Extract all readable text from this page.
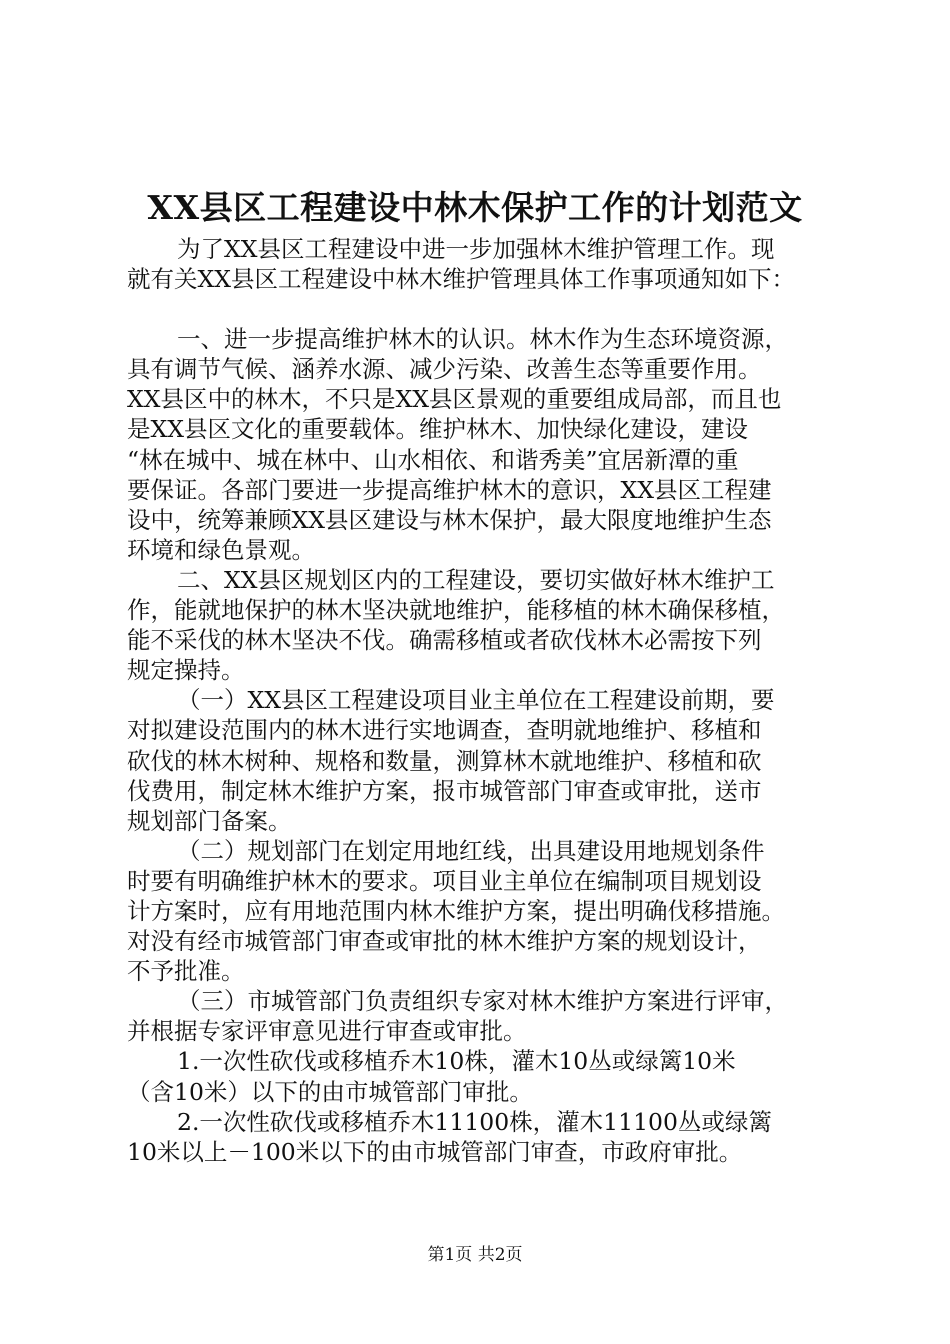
XX县区工程建设中林木保护工作的计划范文
为了XX县区工程建设中进一步加强林木维护管理工作。现
就有关XX县区工程建设中林木维护管理具体工作事项通知如下：
一、进一步提高维护林木的认识。林木作为生态环境资源，
具有调节气候、涵养水源、减少污染、改善生态等重要作用。
XX县区中的林木，不只是XX县区景观的重要组成局部，而且也
是XX县区文化的重要载体。维护林木、加快绿化建设，建设
“林在城中、城在林中、山水相依、和谐秀美”宜居新潭的重
要保证。各部门要进一步提高维护林木的意识，XX县区工程建
设中，统筹兼顾XX县区建设与林木保护，最大限度地维护生态
环境和绿色景观。
二、XX县区规划区内的工程建设，要切实做好林木维护工
作，能就地保护的林木坚决就地维护，能移植的林木确保移植，
能不采伐的林木坚决不伐。确需移植或者砍伐林木必需按下列
规定操持。
（一）XX县区工程建设项目业主单位在工程建设前期，要
对拟建设范围内的林木进行实地调查，查明就地维护、移植和
砍伐的林木树种、规格和数量，测算林木就地维护、移植和砍
伐费用，制定林木维护方案，报市城管部门审查或审批，送市
规划部门备案。
（二）规划部门在划定用地红线，出具建设用地规划条件
时要有明确维护林木的要求。项目业主单位在编制项目规划设
计方案时，应有用地范围内林木维护方案，提出明确伐移措施。
对没有经市城管部门审查或审批的林木维护方案的规划设计，
不予批准。
（三）市城管部门负责组织专家对林木维护方案进行评审，
并根据专家评审意见进行审查或审批。
1.一次性砍伐或移植乔木10株，灌木10丛或绿篱10米
（含10米）以下的由市城管部门审批。
2.一次性砍伐或移植乔木11100株，灌木11100丛或绿篱
10米以上－100米以下的由市城管部门审查，市政府审批。
第1页 共2页
